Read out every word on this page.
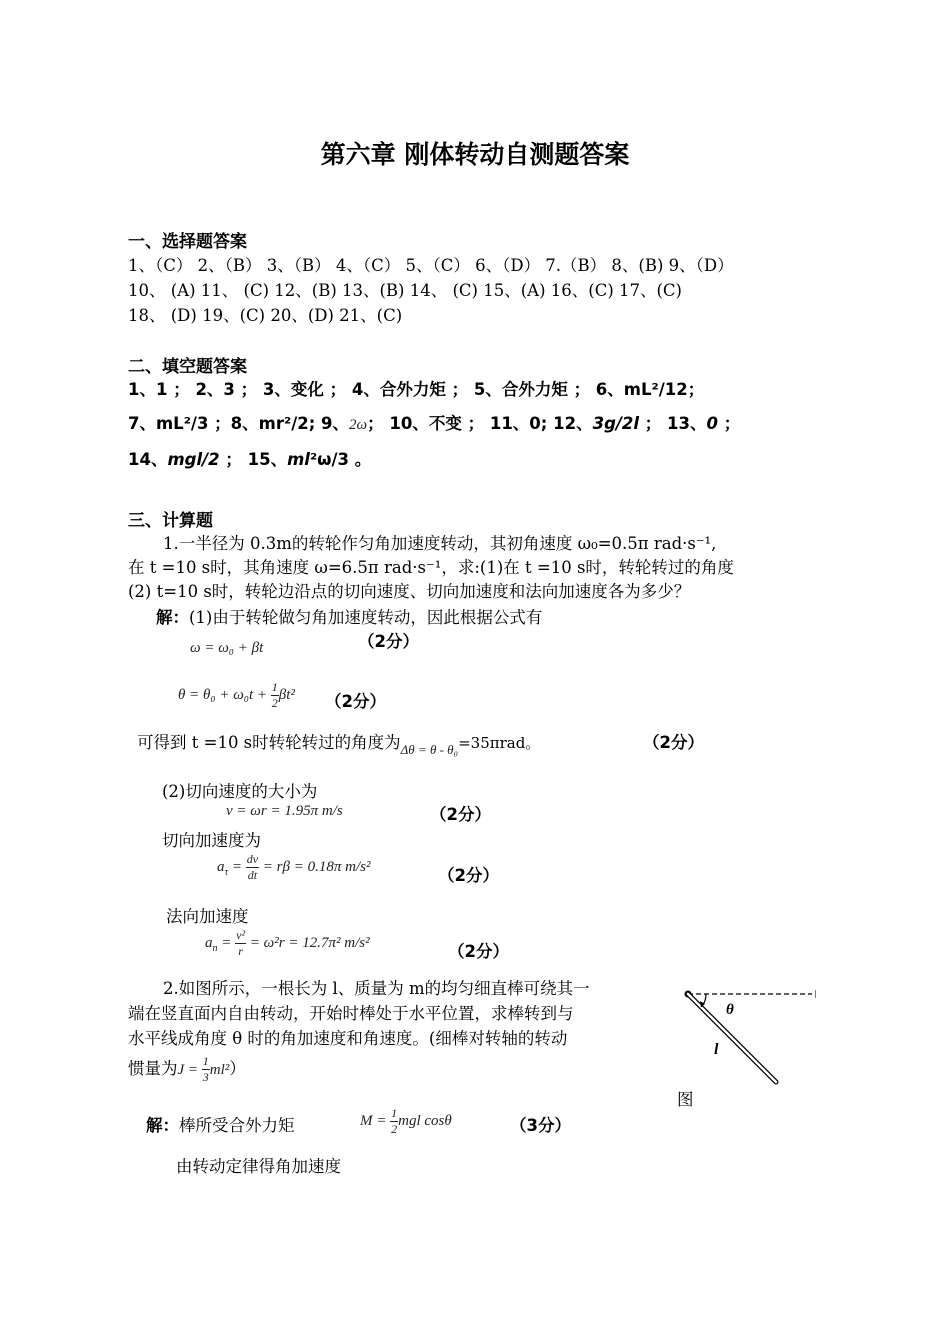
第六章 刚体转动自测题答案
一、选择题答案
1、（C） 2、（B） 3、（B） 4、（C） 5、（C） 6、（D） 7.（B） 8、(B) 9、（D）
10、 (A) 11、 (C) 12、(B) 13、(B) 14、 (C) 15、(A) 16、(C) 17、(C)
18、 (D) 19、(C) 20、(D) 21、(C)
二、填空题答案
1、1 ； 2、3 ； 3、变化 ； 4、合外力矩 ； 5、合外力矩 ； 6、mL²/12；
7、mL²/3 ；8、mr²/2; 9、2ω； 10、不变 ； 11、0; 12、3g/2l ； 13、0 ；
14、mgl/2 ； 15、ml²ω/3 。
三、计算题
1.一半径为 0.3m的转轮作匀角加速度转动，其初角速度 ω₀=0.5π rad·s⁻¹,
在 t =10 s时，其角速度 ω=6.5π rad·s⁻¹，求:(1)在 t =10 s时，转轮转过的角度
(2) t=10 s时，转轮边沿点的切向速度、切向加速度和法向加速度各为多少？
解：(1)由于转轮做匀角加速度转动，因此根据公式有
ω = ω₀ + βt	（2分）
$\theta = \theta_0 + \omega_0t + \frac{1}{2} \beta t^2$ （2分）
可得到 t =10 s时转轮转过的角度为$_{\Delta\theta = \theta - \theta_0}$=35πrad。	（2分）
(2)切向速度的大小为
v = ωr = 1.95π m/s	（2分）
切向加速度为
$a_\tau = \frac{dv}{dt} = r\beta = 0.18\pi$ m/s²	（2分）
法向加速度
$a_n = \frac{\text{v²}}{r} = \omega^2r = 12.7\pi^2$ m/s²	（2分）
2.如图所示，一根长为 l、质量为 m的均匀细直棒可绕其一
端在竖直面内自由转动，开始时棒处于水平位置，求棒转到与
水平线成角度 θ 时的角加速度和角速度。(细棒对转轴的转动
惯量为$J = \frac{1}{3} ml^2$）
θ
l
图
解：棒所受合外力矩	$M = \frac{1}{2}$ mgl cosθ	（3分）
由转动定律得角加速度
